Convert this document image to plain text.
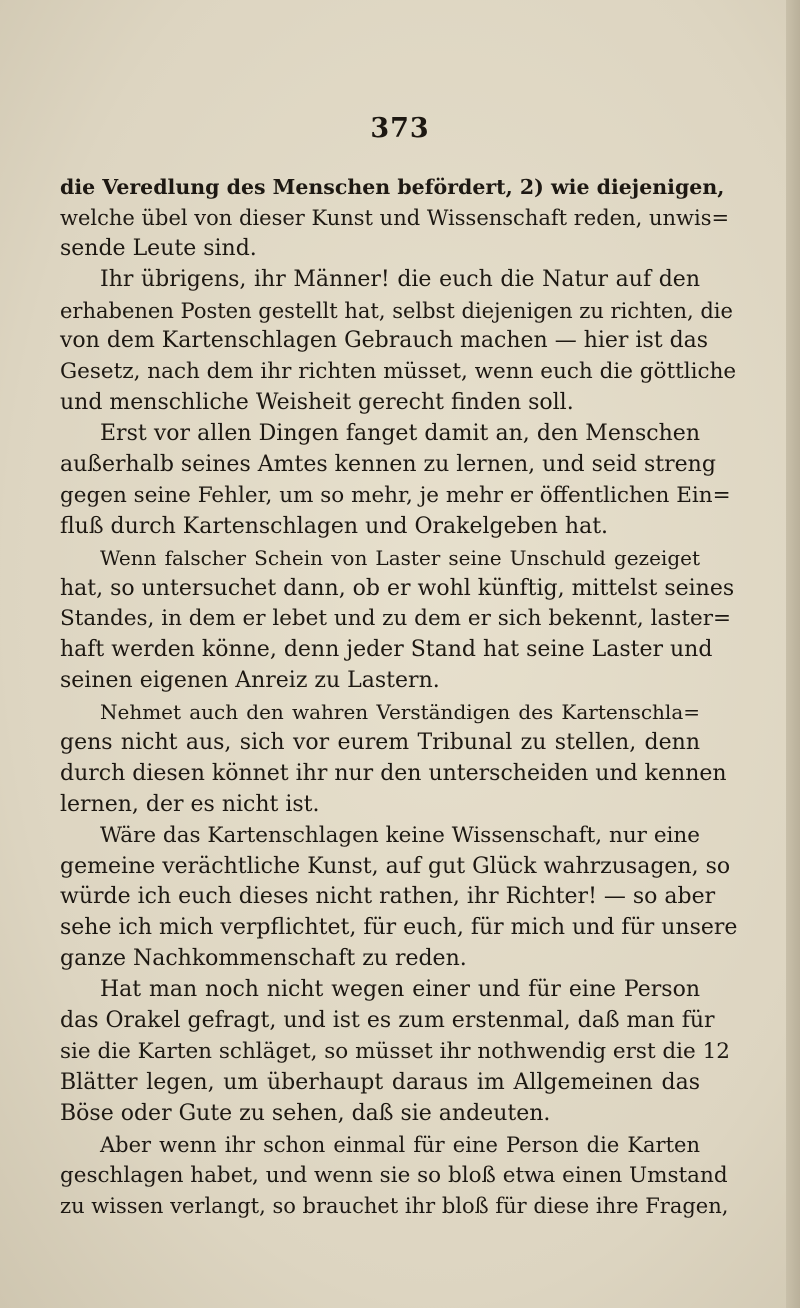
373
die Veredlung des Menschen befördert, 2) wie diejenigen,
welche übel von dieser Kunst und Wissenschaft reden, unwis=
sende Leute sind.
Ihr übrigens, ihr Männer! die euch die Natur auf den
erhabenen Posten gestellt hat, selbst diejenigen zu richten, die
von dem Kartenschlagen Gebrauch machen — hier ist das
Gesetz, nach dem ihr richten müsset, wenn euch die göttliche
und menschliche Weisheit gerecht finden soll.
Erst vor allen Dingen fanget damit an, den Menschen
außerhalb seines Amtes kennen zu lernen, und seid streng
gegen seine Fehler, um so mehr, je mehr er öffentlichen Ein=
fluß durch Kartenschlagen und Orakelgeben hat.
Wenn falscher Schein von Laster seine Unschuld gezeiget
hat, so untersuchet dann, ob er wohl künftig, mittelst seines
Standes, in dem er lebet und zu dem er sich bekennt, laster=
haft werden könne, denn jeder Stand hat seine Laster und
seinen eigenen Anreiz zu Lastern.
Nehmet auch den wahren Verständigen des Kartenschla=
gens nicht aus, sich vor eurem Tribunal zu stellen, denn
durch diesen könnet ihr nur den unterscheiden und kennen
lernen, der es nicht ist.
Wäre das Kartenschlagen keine Wissenschaft, nur eine
gemeine verächtliche Kunst, auf gut Glück wahrzusagen, so
würde ich euch dieses nicht rathen, ihr Richter! — so aber
sehe ich mich verpflichtet, für euch, für mich und für unsere
ganze Nachkommenschaft zu reden.
Hat man noch nicht wegen einer und für eine Person
das Orakel gefragt, und ist es zum erstenmal, daß man für
sie die Karten schläget, so müsset ihr nothwendig erst die 12
Blätter legen, um überhaupt daraus im Allgemeinen das
Böse oder Gute zu sehen, daß sie andeuten.
Aber wenn ihr schon einmal für eine Person die Karten
geschlagen habet, und wenn sie so bloß etwa einen Umstand
zu wissen verlangt, so brauchet ihr bloß für diese ihre Fragen,
